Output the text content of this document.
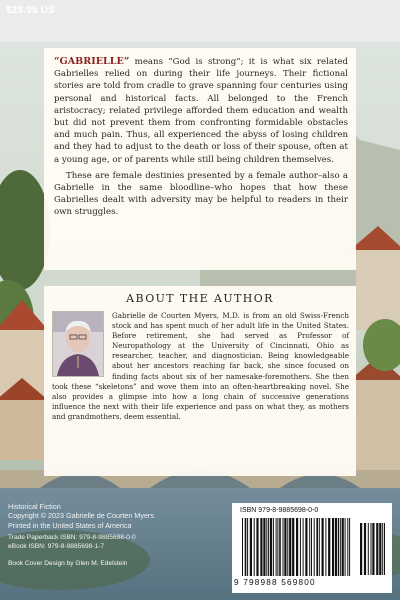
$29.95 US

“GABRIELLE” means “God is strong”; it is what six related Gabrielles relied on during their life journeys. Their fictional stories are told from cradle to grave spanning four centuries using personal and historical facts. All belonged to the French aristocracy; related privilege afforded them education and wealth but did not prevent them from confronting formidable obstacles and much pain. Thus, all experienced the abyss of losing children and they had to adjust to the death or loss of their spouse, often at a young age, or of parents while still being children themselves.

These are female destinies presented by a female author–also a Gabrielle in the same bloodline–who hopes that how these Gabrielles dealt with adversity may be helpful to readers in their own struggles.

ABOUT THE AUTHOR
Gabrielle de Courten Myers, M.D. is from an old Swiss-French stock and has spent much of her adult life in the United States. Before retirement, she had served as Professor of Neuropathology at the University of Cincinnati, Ohio as researcher, teacher, and diagnostician. Being knowledgeable about her ancestors reaching far back, she since focused on finding facts about six of her namesake-foremothers. She then took these “skeletons” and wove them into an often-heartbreaking novel. She also provides a glimpse into how a long chain of successive generations influence the next with their life experience and pass on what they, as mothers and grandmothers, deem essential.
Historical Fiction
Copyright © 2023 Gabrielle de Courten Myers
Printed in the United States of America
Trade Paperback ISBN: 979-8-9885698-0-0
eBook ISBN: 979-8-9885698-1-7
Book Cover Design by Glen M. Edelstein
ISBN 979-8-9885698-0-0
9 798988 569800
